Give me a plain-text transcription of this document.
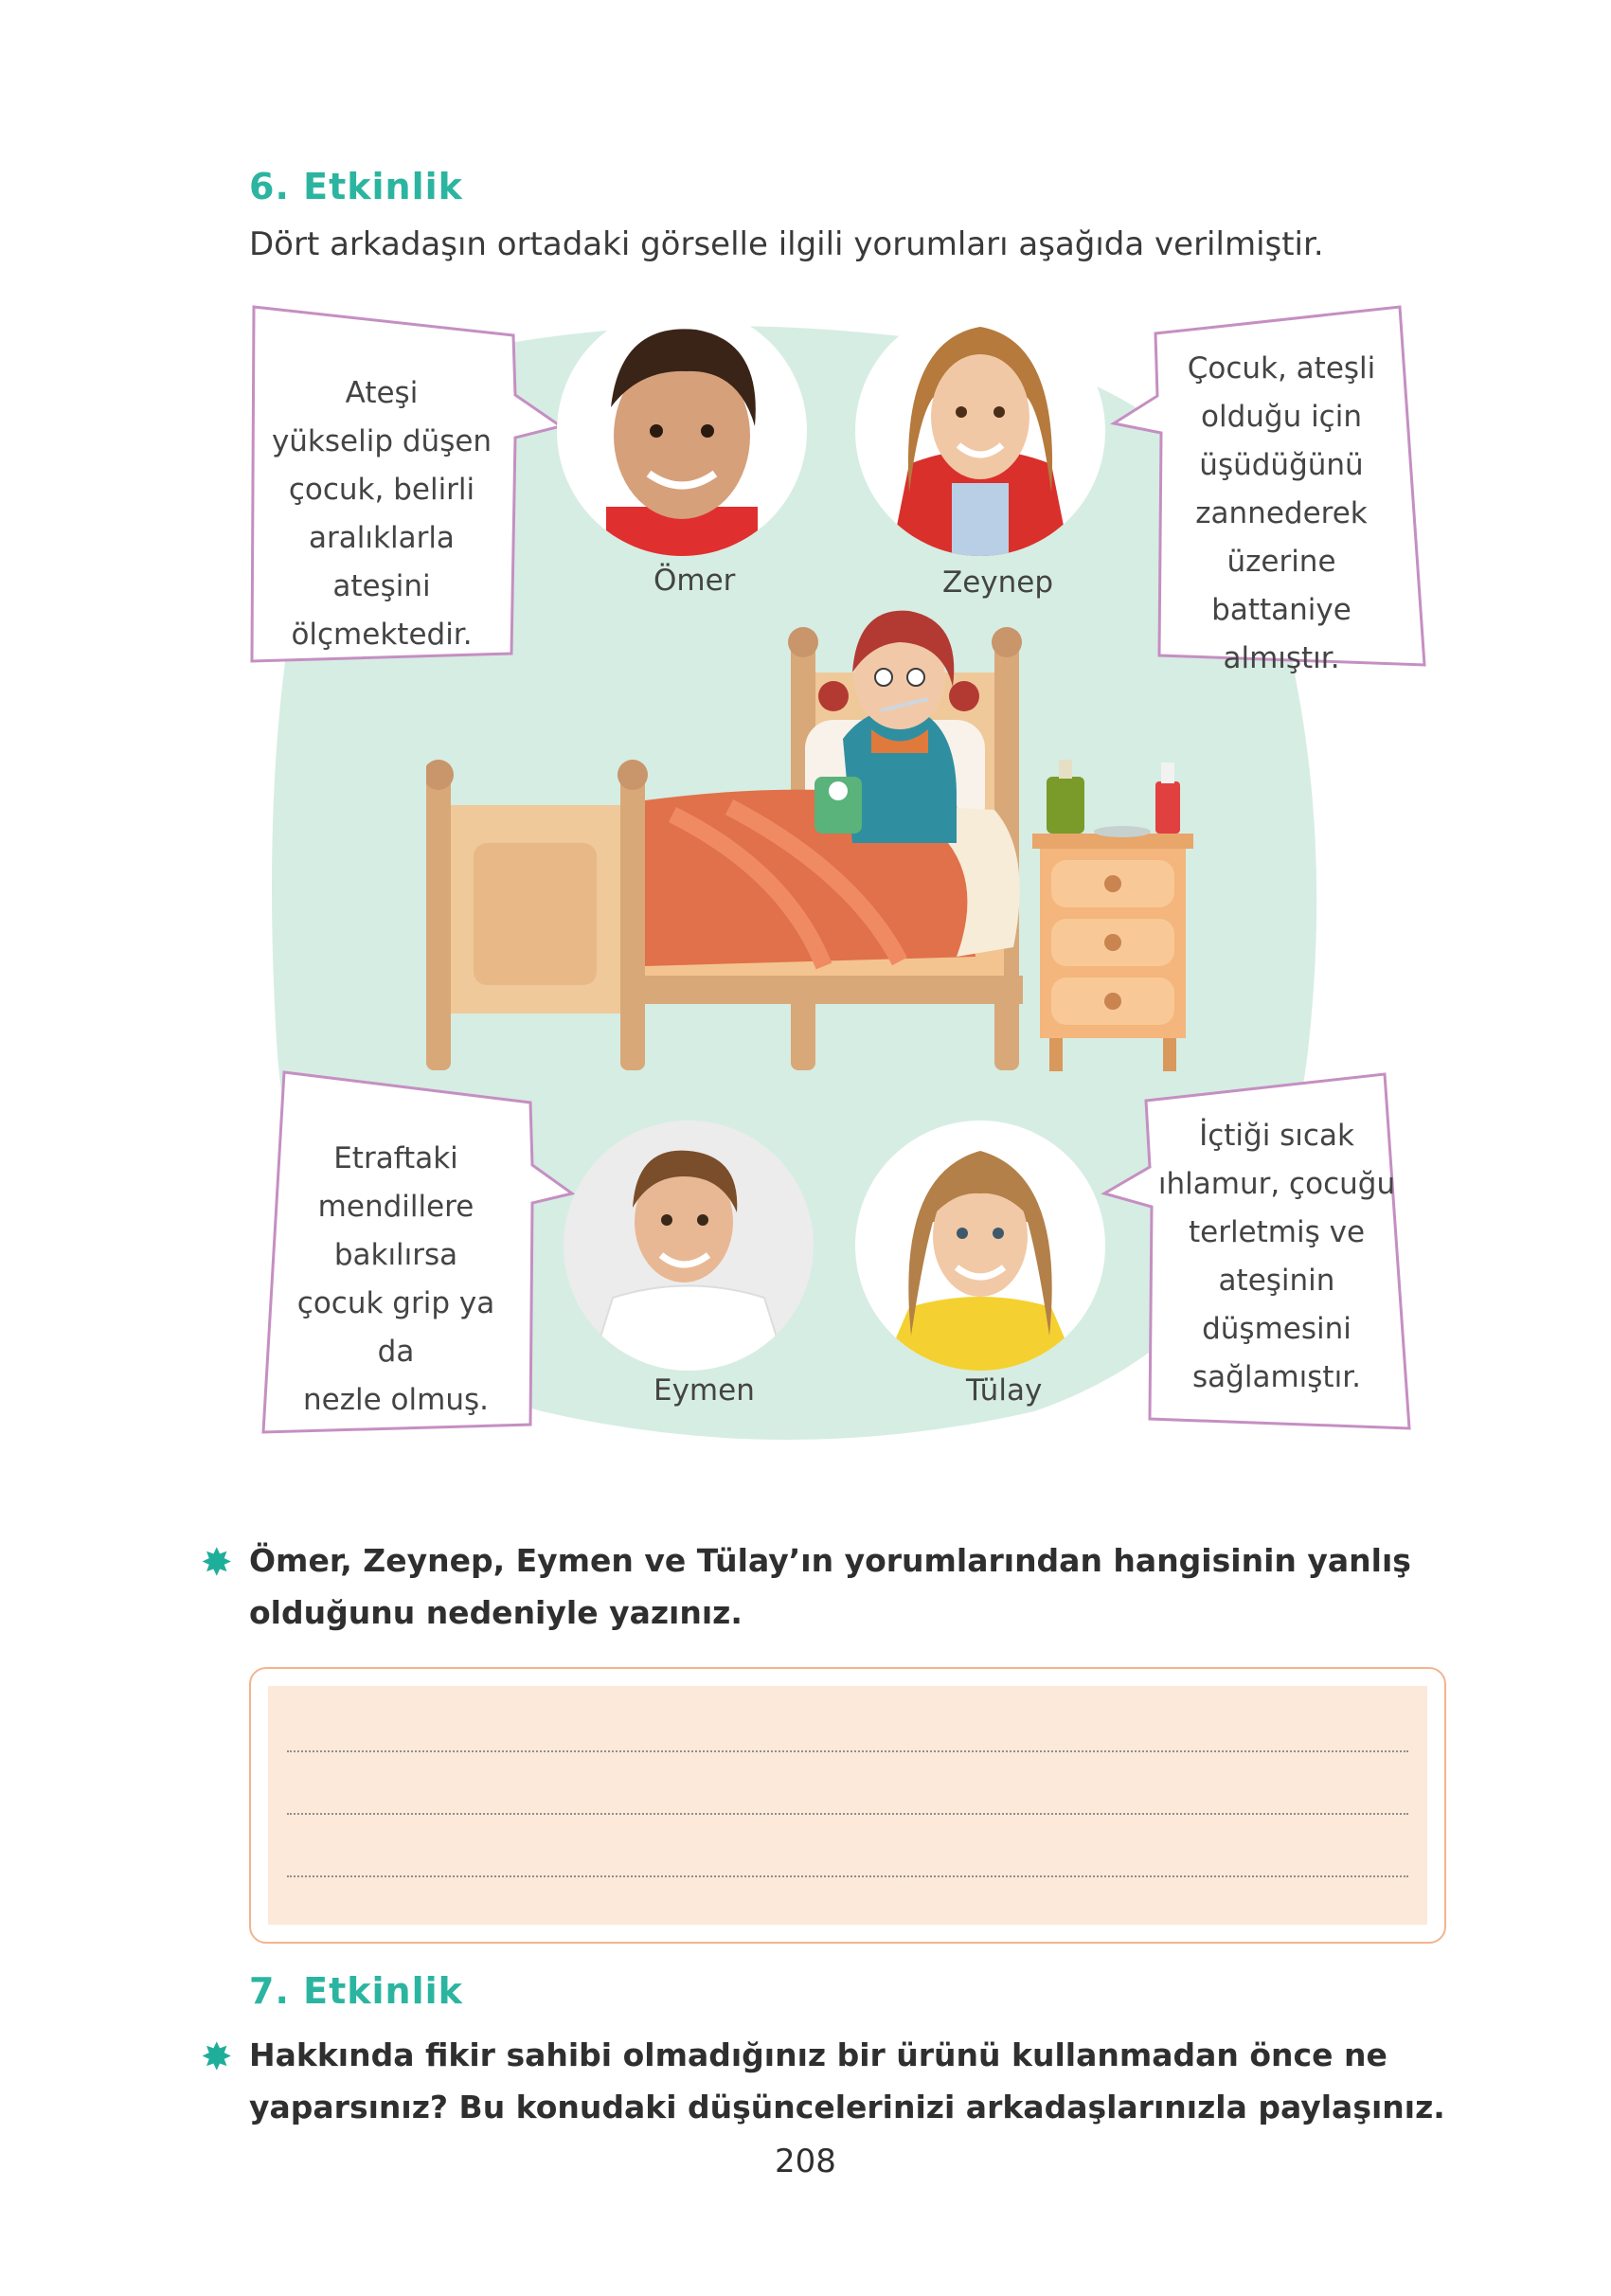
6. Etkinlik
Dört arkadaşın ortadaki görselle ilgili yorumları aşağıda verilmiştir.
Ateşi
yükselip düşen
çocuk, belirli
aralıklarla ateşini
ölçmektedir.
Ömer	Zeynep
Çocuk, ateşli
olduğu için
üşüdüğünü
zannederek
üzerine battaniye
almıştır.
Etraftaki
mendillere
bakılırsa
çocuk grip ya da
nezle olmuş.	Eymen	Tülay
İçtiği sıcak
ıhlamur, çocuğu
terletmiş ve
ateşinin
düşmesini
sağlamıştır.
✸ Ömer, Zeynep, Eymen ve Tülay’ın yorumlarından hangisinin yanlış olduğunu nedeniyle yazınız.
7. Etkinlik
✸ Hakkında fikir sahibi olmadığınız bir ürünü kullanmadan önce ne yaparsınız? Bu konudaki düşüncelerinizi arkadaşlarınızla paylaşınız.
208
